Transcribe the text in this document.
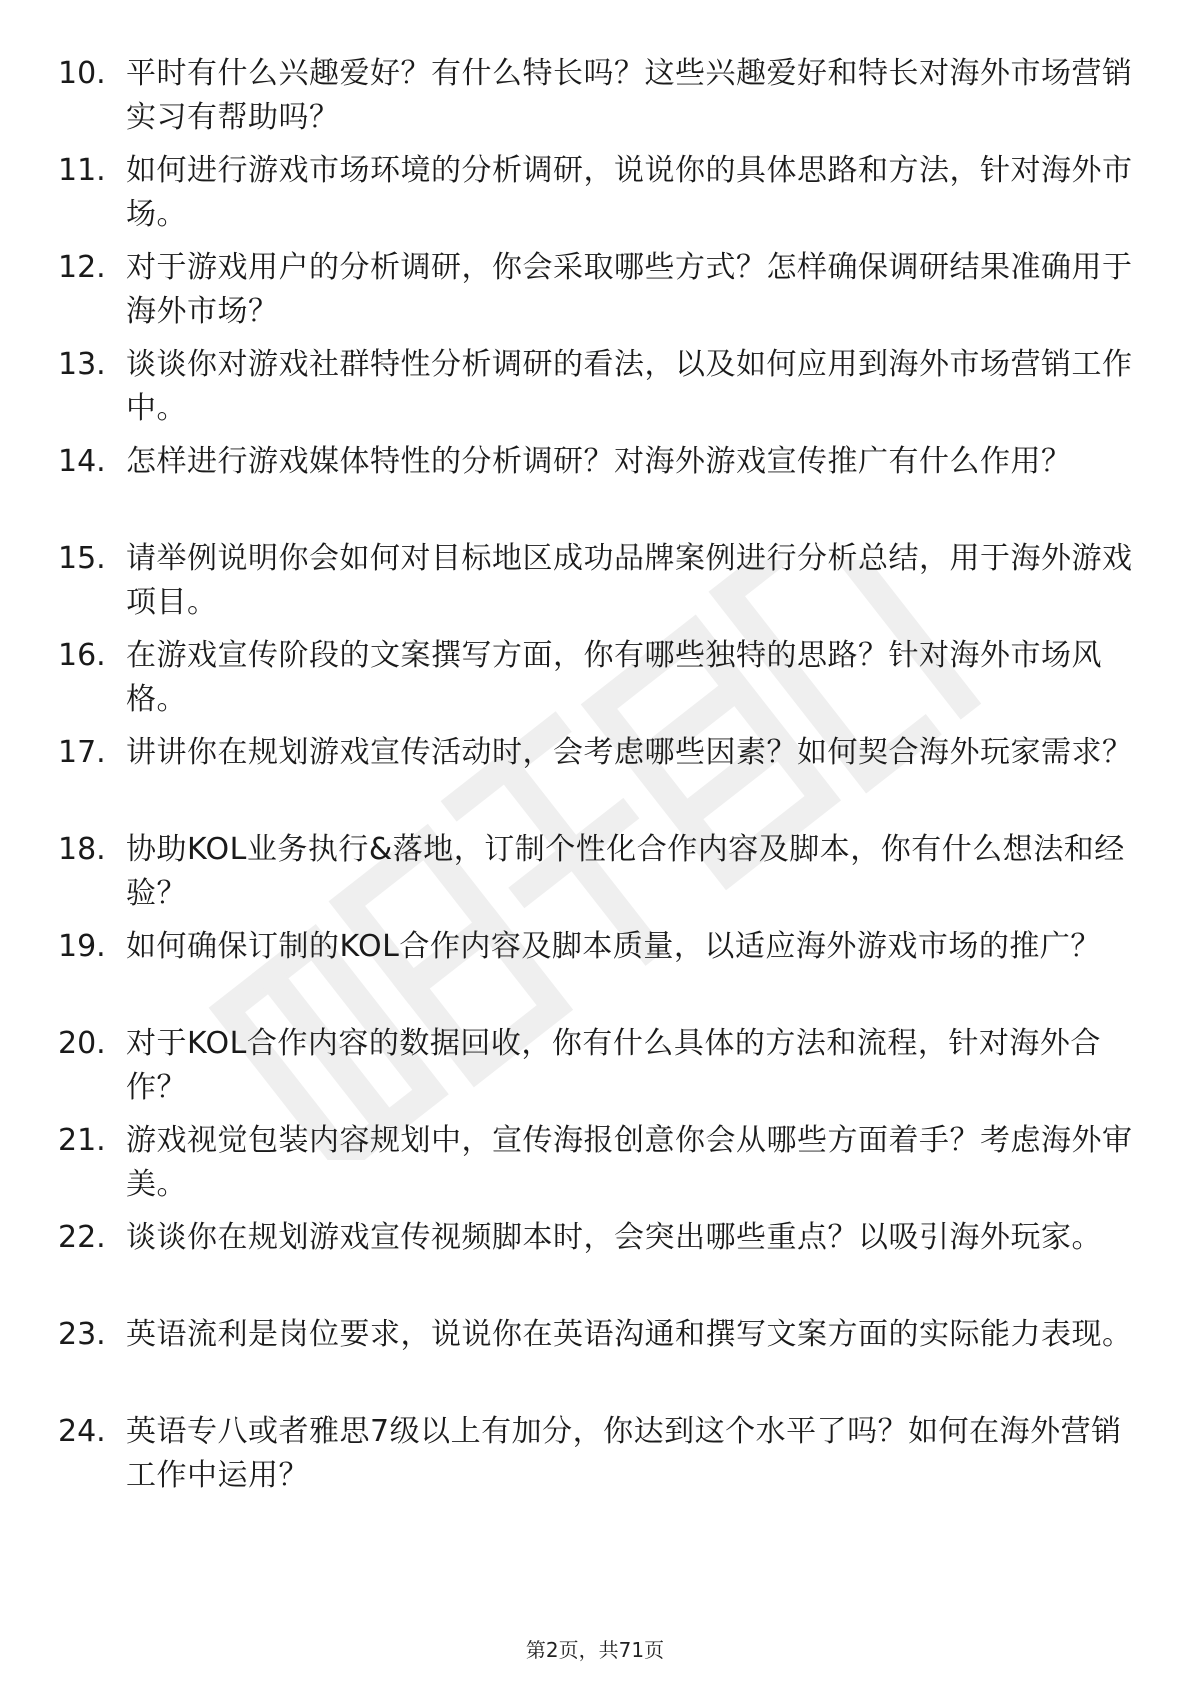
10. 平时有什么兴趣爱好？有什么特长吗？这些兴趣爱好和特长对海外市场营销实习有帮助吗？
11. 如何进行游戏市场环境的分析调研，说说你的具体思路和方法，针对海外市场。
12. 对于游戏用户的分析调研，你会采取哪些方式？怎样确保调研结果准确用于海外市场？
13. 谈谈你对游戏社群特性分析调研的看法，以及如何应用到海外市场营销工作中。
14. 怎样进行游戏媒体特性的分析调研？对海外游戏宣传推广有什么作用？
15. 请举例说明你会如何对目标地区成功品牌案例进行分析总结，用于海外游戏项目。
16. 在游戏宣传阶段的文案撰写方面，你有哪些独特的思路？针对海外市场风格。
17. 讲讲你在规划游戏宣传活动时，会考虑哪些因素？如何契合海外玩家需求？
18. 协助KOL业务执行&落地，订制个性化合作内容及脚本，你有什么想法和经验？
19. 如何确保订制的KOL合作内容及脚本质量，以适应海外游戏市场的推广？
20. 对于KOL合作内容的数据回收，你有什么具体的方法和流程，针对海外合作？
21. 游戏视觉包装内容规划中，宣传海报创意你会从哪些方面着手？考虑海外审美。
22. 谈谈你在规划游戏宣传视频脚本时，会突出哪些重点？以吸引海外玩家。
23. 英语流利是岗位要求，说说你在英语沟通和撰写文案方面的实际能力表现。
24. 英语专八或者雅思7级以上有加分，你达到这个水平了吗？如何在海外营销工作中运用？
第2页，共71页
